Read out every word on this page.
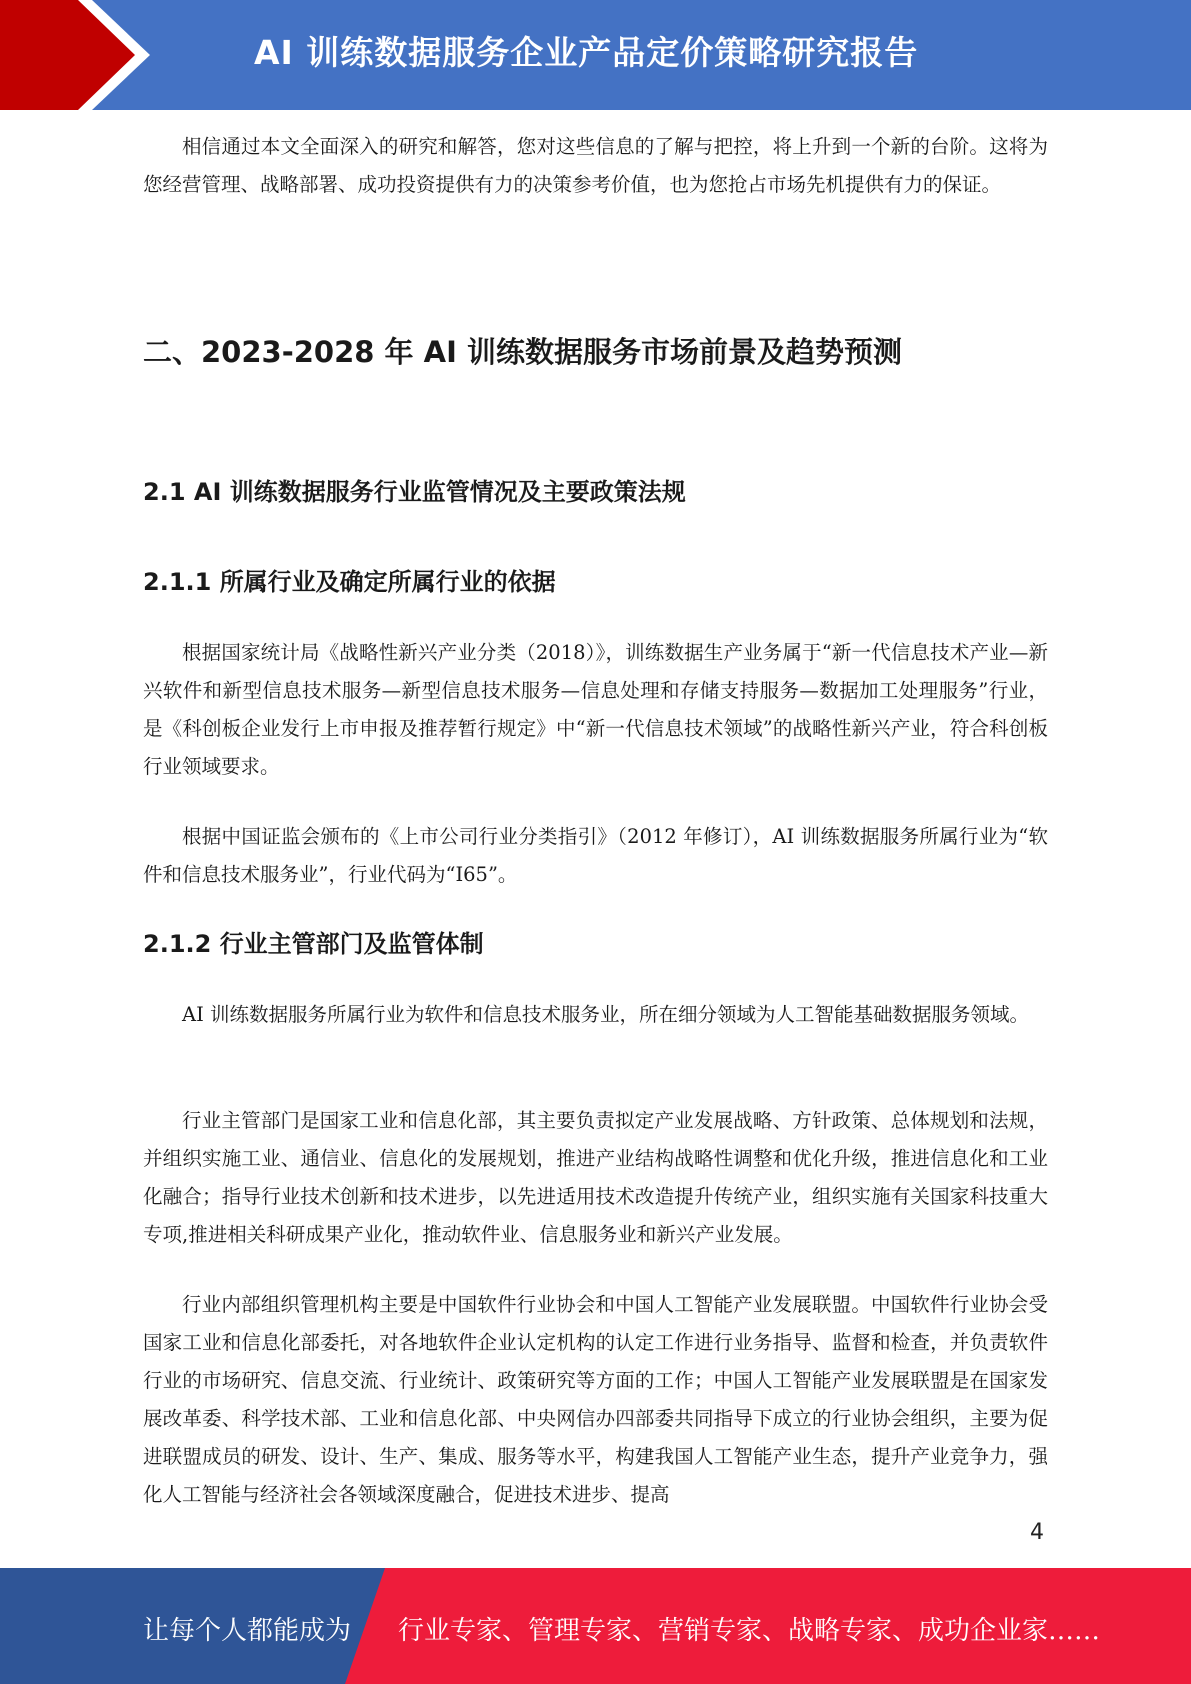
AI 训练数据服务企业产品定价策略研究报告

相信通过本文全面深入的研究和解答，您对这些信息的了解与把控，将上升到一个新的台阶。这将为您经营管理、战略部署、成功投资提供有力的决策参考价值，也为您抢占市场先机提供有力的保证。

二、2023-2028 年 AI 训练数据服务市场前景及趋势预测
2.1 AI 训练数据服务行业监管情况及主要政策法规
2.1.1 所属行业及确定所属行业的依据

根据国家统计局《战略性新兴产业分类（2018）》，训练数据生产业务属于“新一代信息技术产业—新兴软件和新型信息技术服务—新型信息技术服务—信息处理和存储支持服务—数据加工处理服务”行业，是《科创板企业发行上市申报及推荐暂行规定》中“新一代信息技术领域”的战略性新兴产业，符合科创板行业领域要求。

根据中国证监会颁布的《上市公司行业分类指引》（2012 年修订），AI 训练数据服务所属行业为“软件和信息技术服务业”，行业代码为“I65”。

2.1.2 行业主管部门及监管体制

AI 训练数据服务所属行业为软件和信息技术服务业，所在细分领域为人工智能基础数据服务领域。

行业主管部门是国家工业和信息化部，其主要负责拟定产业发展战略、方针政策、总体规划和法规，并组织实施工业、通信业、信息化的发展规划，推进产业结构战略性调整和优化升级，推进信息化和工业化融合；指导行业技术创新和技术进步，以先进适用技术改造提升传统产业，组织实施有关国家科技重大专项,推进相关科研成果产业化，推动软件业、信息服务业和新兴产业发展。

行业内部组织管理机构主要是中国软件行业协会和中国人工智能产业发展联盟。中国软件行业协会受国家工业和信息化部委托，对各地软件企业认定机构的认定工作进行业务指导、监督和检查，并负责软件行业的市场研究、信息交流、行业统计、政策研究等方面的工作；中国人工智能产业发展联盟是在国家发展改革委、科学技术部、工业和信息化部、中央网信办四部委共同指导下成立的行业协会组织，主要为促进联盟成员的研发、设计、生产、集成、服务等水平，构建我国人工智能产业生态，提升产业竞争力，强化人工智能与经济社会各领域深度融合，促进技术进步、提高

4
让每个人都能成为 行业专家、管理专家、营销专家、战略专家、成功企业家……
